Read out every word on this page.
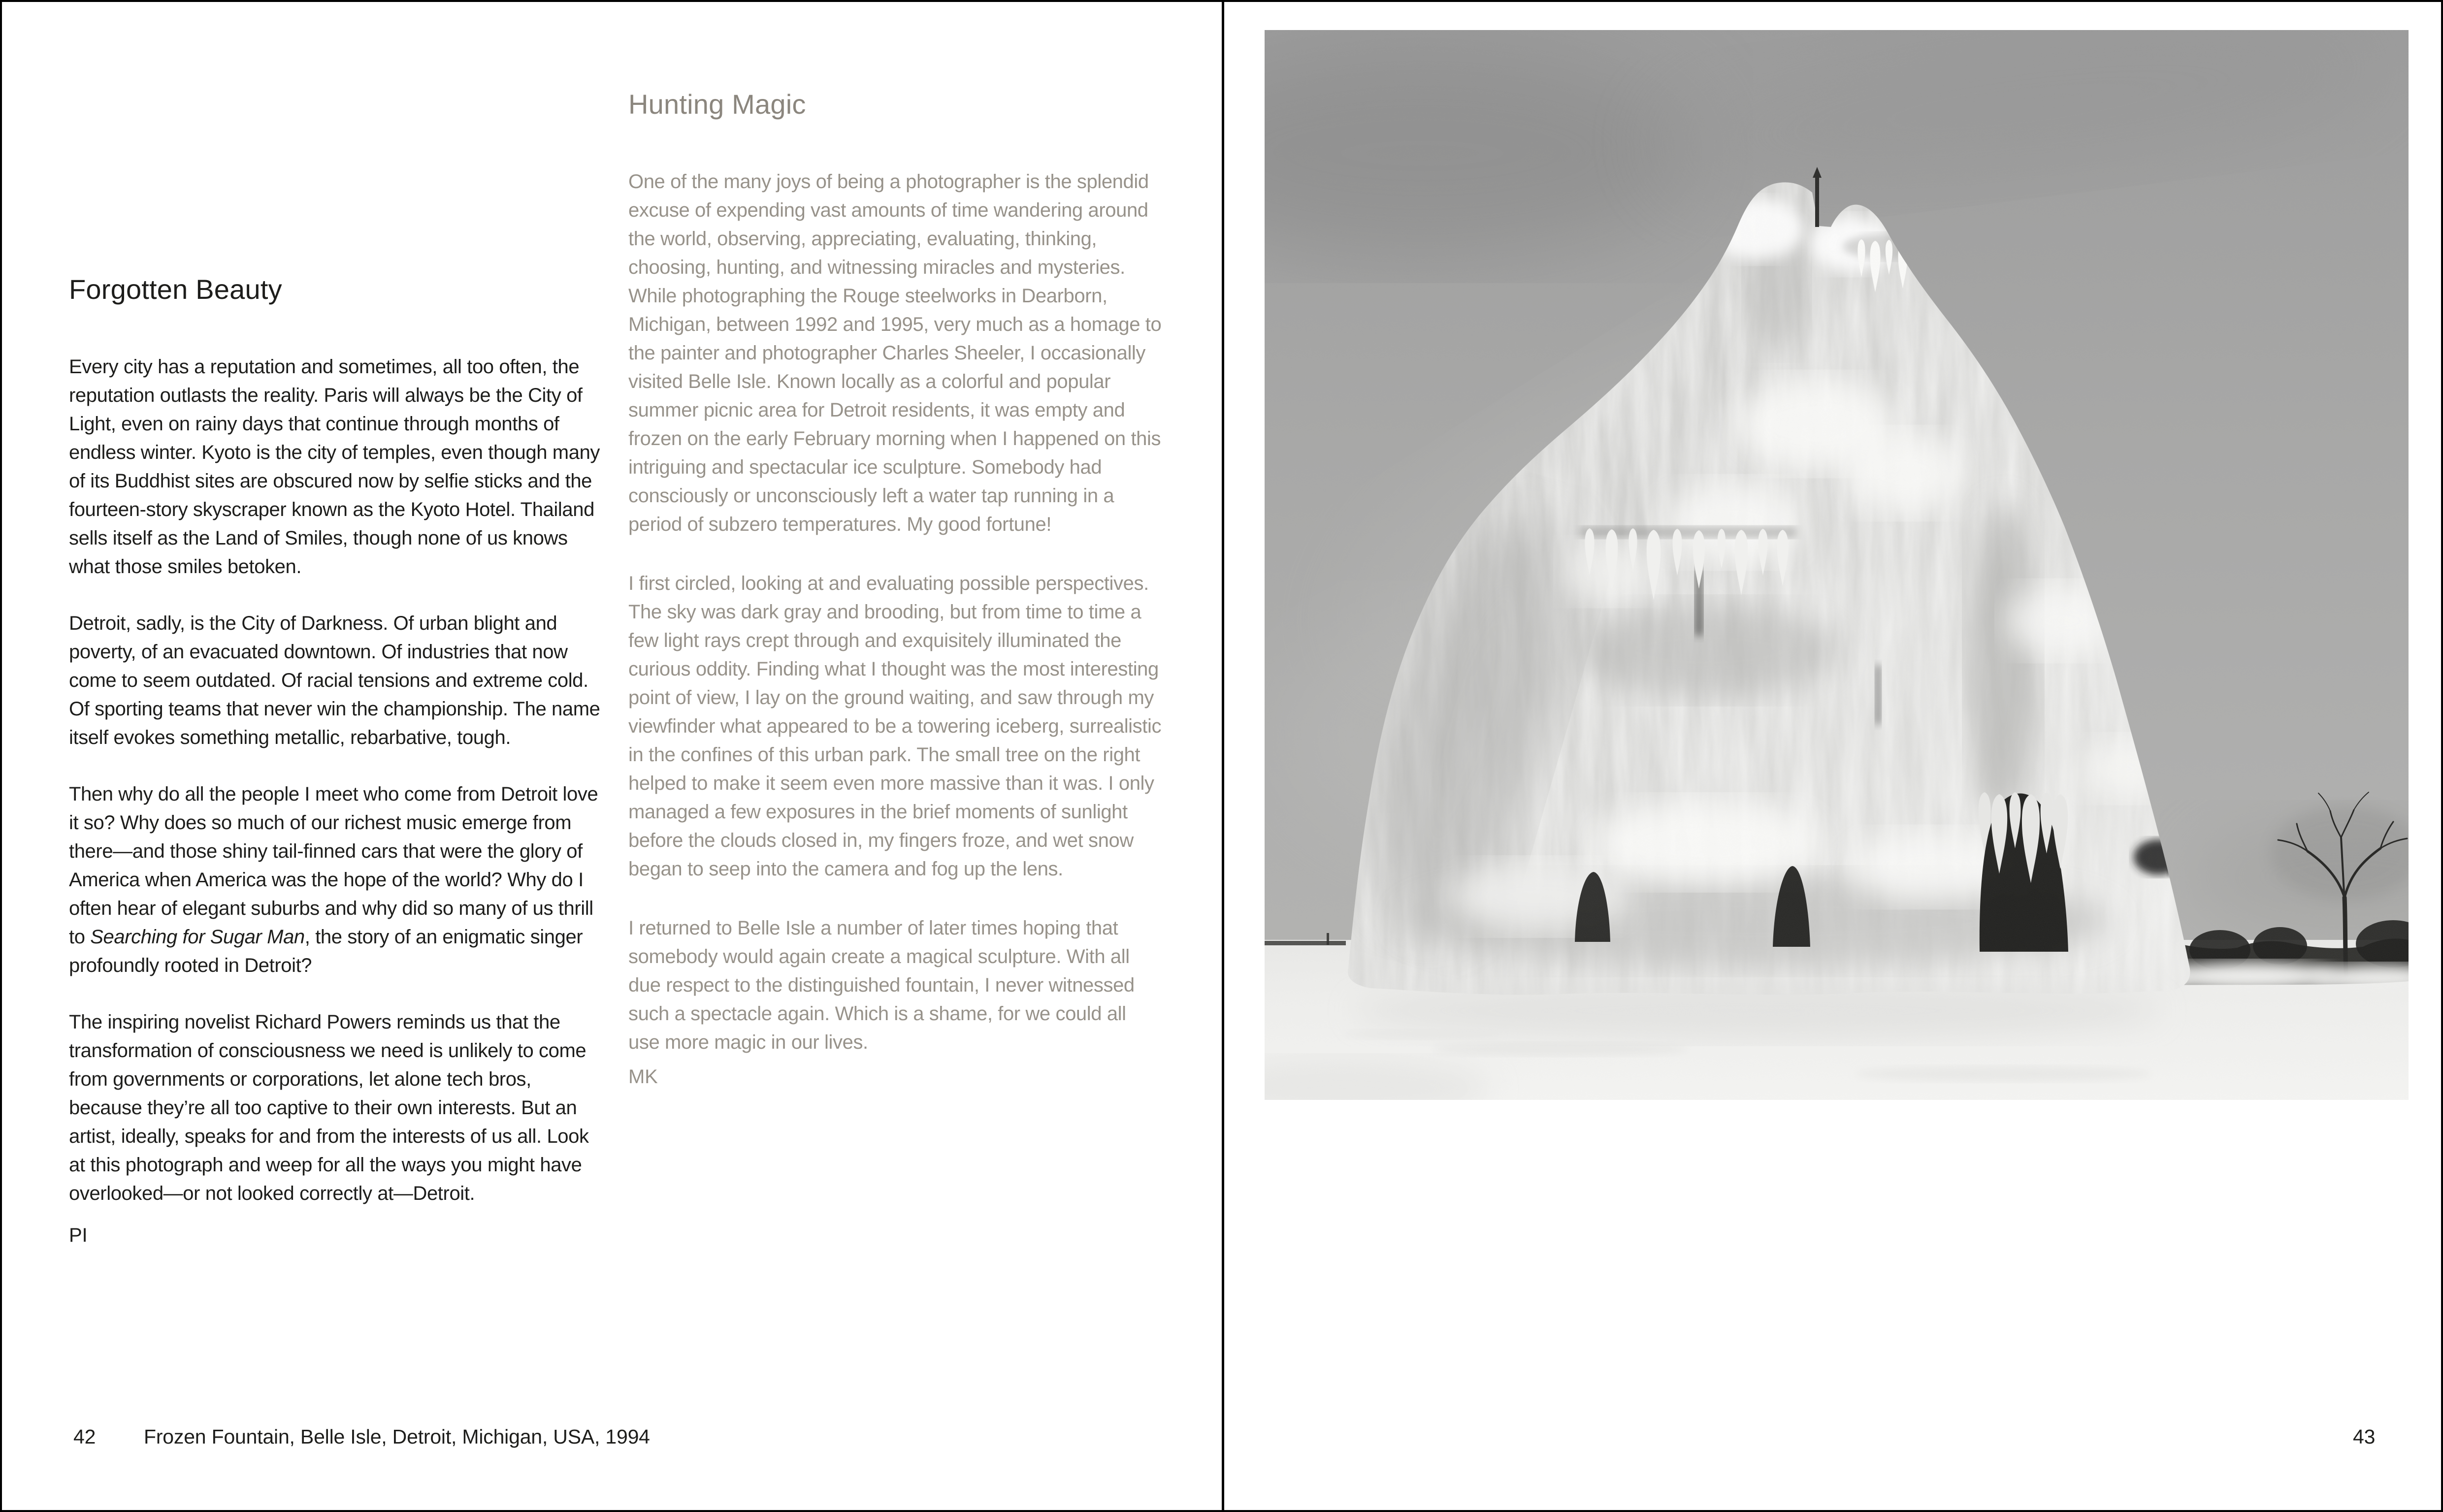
Forgotten Beauty

Every city has a reputation and sometimes, all too often, the reputation outlasts the reality. Paris will always be the City of Light, even on rainy days that continue through months of endless winter. Kyoto is the city of temples, even though many of its Buddhist sites are obscured now by selfie sticks and the fourteen-story skyscraper known as the Kyoto Hotel. Thailand sells itself as the Land of Smiles, though none of us knows what those smiles betoken.

Detroit, sadly, is the City of Darkness. Of urban blight and poverty, of an evacuated downtown. Of industries that now come to seem outdated. Of racial tensions and extreme cold. Of sporting teams that never win the championship. The name itself evokes something metallic, rebarbative, tough.

Then why do all the people I meet who come from Detroit love it so? Why does so much of our richest music emerge from there—and those shiny tail-finned cars that were the glory of America when America was the hope of the world? Why do I often hear of elegant suburbs and why did so many of us thrill to Searching for Sugar Man, the story of an enigmatic singer profoundly rooted in Detroit?

The inspiring novelist Richard Powers reminds us that the transformation of consciousness we need is unlikely to come from governments or corporations, let alone tech bros, because they’re all too captive to their own interests. But an artist, ideally, speaks for and from the interests of us all. Look at this photograph and weep for all the ways you might have overlooked—or not looked correctly at—Detroit.

PI
Hunting Magic

One of the many joys of being a photographer is the splendid excuse of expending vast amounts of time wandering around the world, observing, appreciating, evaluating, thinking, choosing, hunting, and witnessing miracles and mysteries. While photographing the Rouge steelworks in Dearborn, Michigan, between 1992 and 1995, very much as a homage to the painter and photographer Charles Sheeler, I occasionally visited Belle Isle. Known locally as a colorful and popular summer picnic area for Detroit residents, it was empty and frozen on the early February morning when I happened on this intriguing and spectacular ice sculpture. Somebody had consciously or unconsciously left a water tap running in a period of subzero temperatures. My good fortune!

I first circled, looking at and evaluating possible perspectives. The sky was dark gray and brooding, but from time to time a few light rays crept through and exquisitely illuminated the curious oddity. Finding what I thought was the most interesting point of view, I lay on the ground waiting, and saw through my viewfinder what appeared to be a towering iceberg, surrealistic in the confines of this urban park. The small tree on the right helped to make it seem even more massive than it was. I only managed a few exposures in the brief moments of sunlight before the clouds closed in, my fingers froze, and wet snow began to seep into the camera and fog up the lens.

I returned to Belle Isle a number of later times hoping that somebody would again create a magical sculpture. With all due respect to the distinguished fountain, I never witnessed such a spectacle again. Which is a shame, for we could all use more magic in our lives.

MK
42 Frozen Fountain, Belle Isle, Detroit, Michigan, USA, 1994	43
